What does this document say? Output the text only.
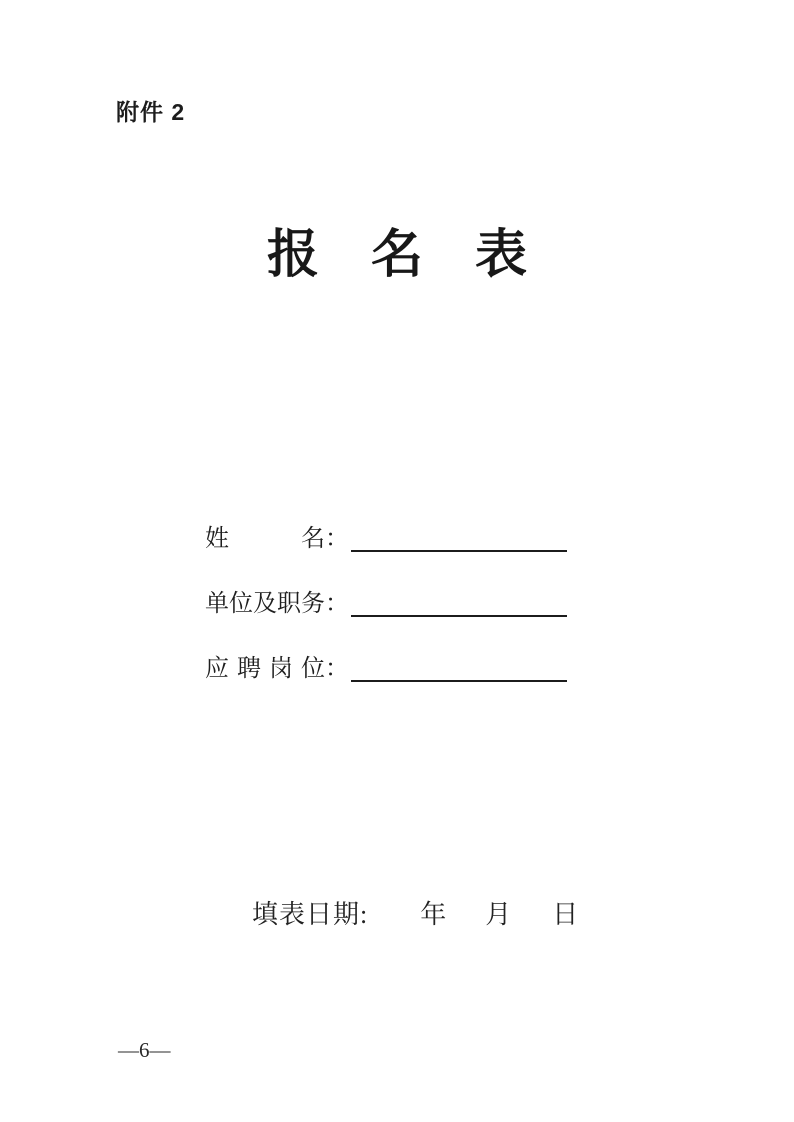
附件 2
报　名　表
姓名：
单位及职务：
应聘岗位：
填表日期: 年 月 日
—6—
